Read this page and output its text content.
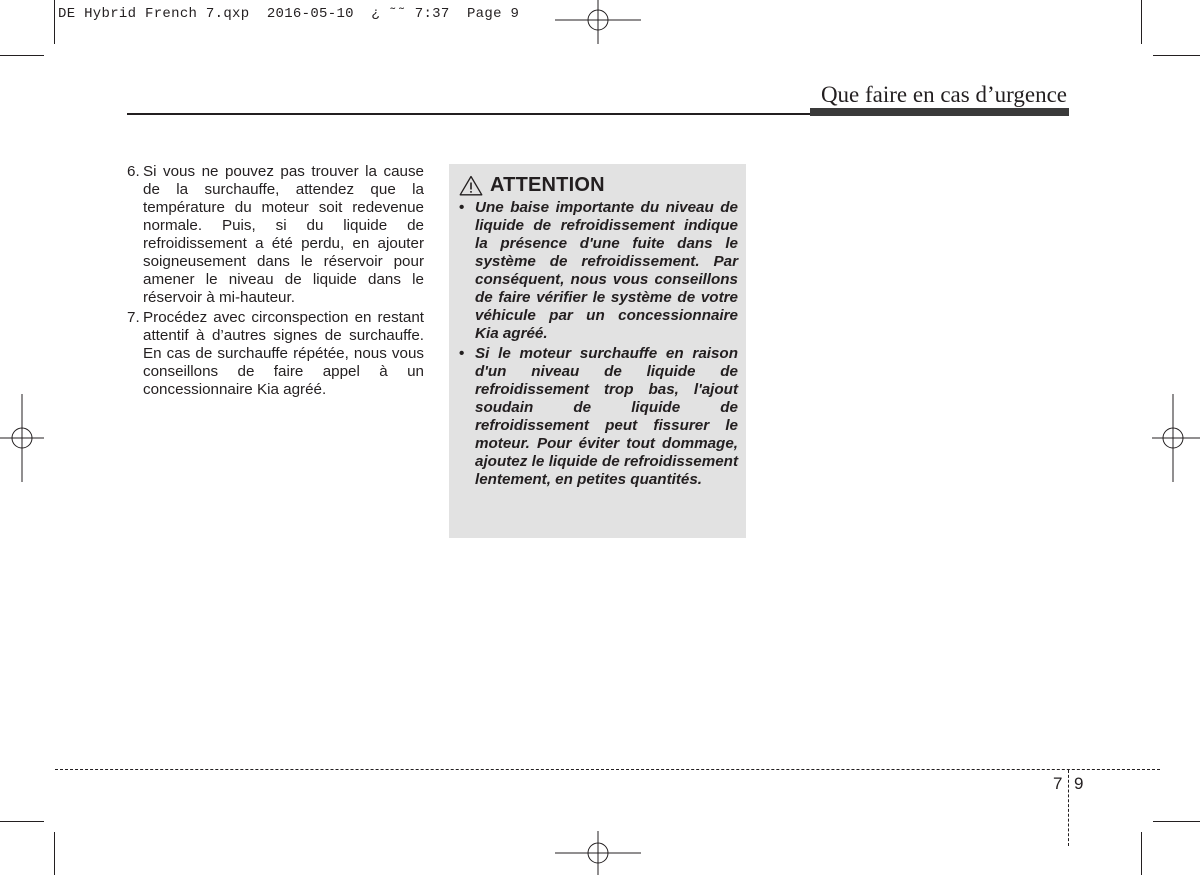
DE Hybrid French 7.qxp  2016-05-10  ¿ ˜˜ 7:37  Page 9
Que faire en cas d’urgence
6. Si vous ne pouvez pas trouver la cause de la surchauffe, attendez que la température du moteur soit redevenue normale. Puis, si du liquide de refroidissement a été perdu, en ajouter soigneusement dans le réservoir pour amener le niveau de liquide dans le réservoir à mi-hauteur.
7. Procédez avec circonspection en restant attentif à d’autres signes de surchauffe. En cas de surchauffe répétée, nous vous conseillons de faire appel à un concessionnaire Kia agréé.
ATTENTION
• Une baise importante du niveau de liquide de refroidissement indique la présence d'une fuite dans le système de refroidissement. Par conséquent, nous vous conseillons de faire vérifier le système de votre véhicule par un concessionnaire Kia agréé.
• Si le moteur surchauffe en raison d'un niveau de liquide de refroidissement trop bas, l'ajout soudain de liquide de refroidissement peut fissurer le moteur. Pour éviter tout dommage, ajoutez le liquide de refroidissement lentement, en petites quantités.
7 9
